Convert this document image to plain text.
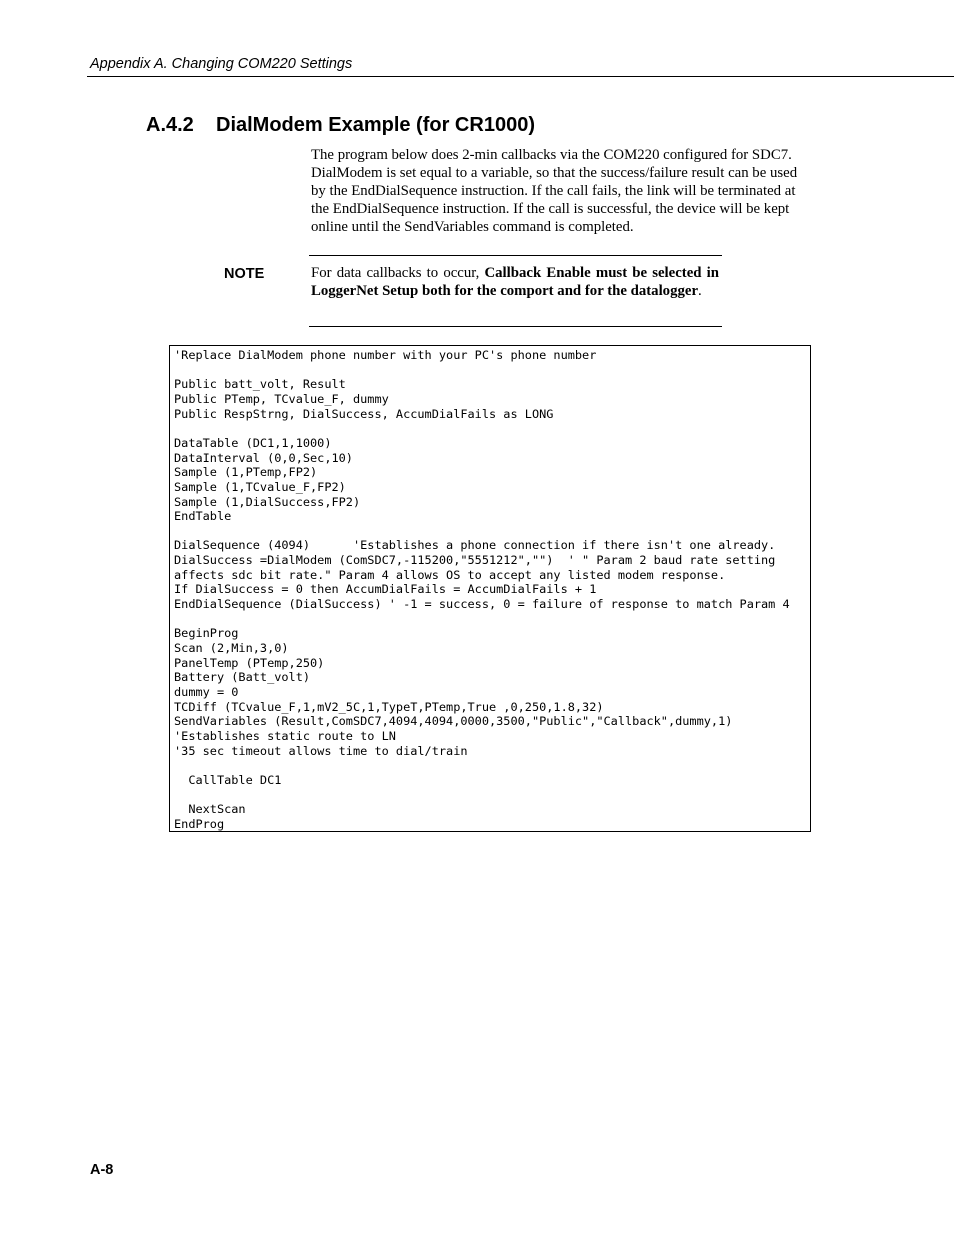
Appendix A. Changing COM220 Settings

A.4.2 DialModem Example (for CR1000)

The program below does 2-min callbacks via the COM220 configured for SDC7. DialModem is set equal to a variable, so that the success/failure result can be used by the EndDialSequence instruction. If the call fails, the link will be terminated at the EndDialSequence instruction. If the call is successful, the device will be kept online until the SendVariables command is completed.

NOTE	For data callbacks to occur, Callback Enable must be selected in LoggerNet Setup both for the comport and for the datalogger.

'Replace DialModem phone number with your PC's phone number
Public batt_volt, Result
Public PTemp, TCvalue_F, dummy
Public RespStrng, DialSuccess, AccumDialFails as LONG
DataTable (DC1,1,1000)
DataInterval (0,0,Sec,10)
Sample (1,PTemp,FP2)
Sample (1,TCvalue_F,FP2)
Sample (1,DialSuccess,FP2)
EndTable
DialSequence (4094)      'Establishes a phone connection if there isn't one already.
DialSuccess =DialModem (ComSDC7,-115200,"5551212","")  ' " Param 2 baud rate setting
affects sdc bit rate." Param 4 allows OS to accept any listed modem response.
If DialSuccess = 0 then AccumDialFails = AccumDialFails + 1
EndDialSequence (DialSuccess) ' -1 = success, 0 = failure of response to match Param 4
BeginProg
Scan (2,Min,3,0)
PanelTemp (PTemp,250)
Battery (Batt_volt)
dummy = 0
TCDiff (TCvalue_F,1,mV2_5C,1,TypeT,PTemp,True ,0,250,1.8,32)
SendVariables (Result,ComSDC7,4094,4094,0000,3500,"Public","Callback",dummy,1)
'Establishes static route to LN
'35 sec timeout allows time to dial/train
CallTable DC1
NextScan
EndProg

A-8
